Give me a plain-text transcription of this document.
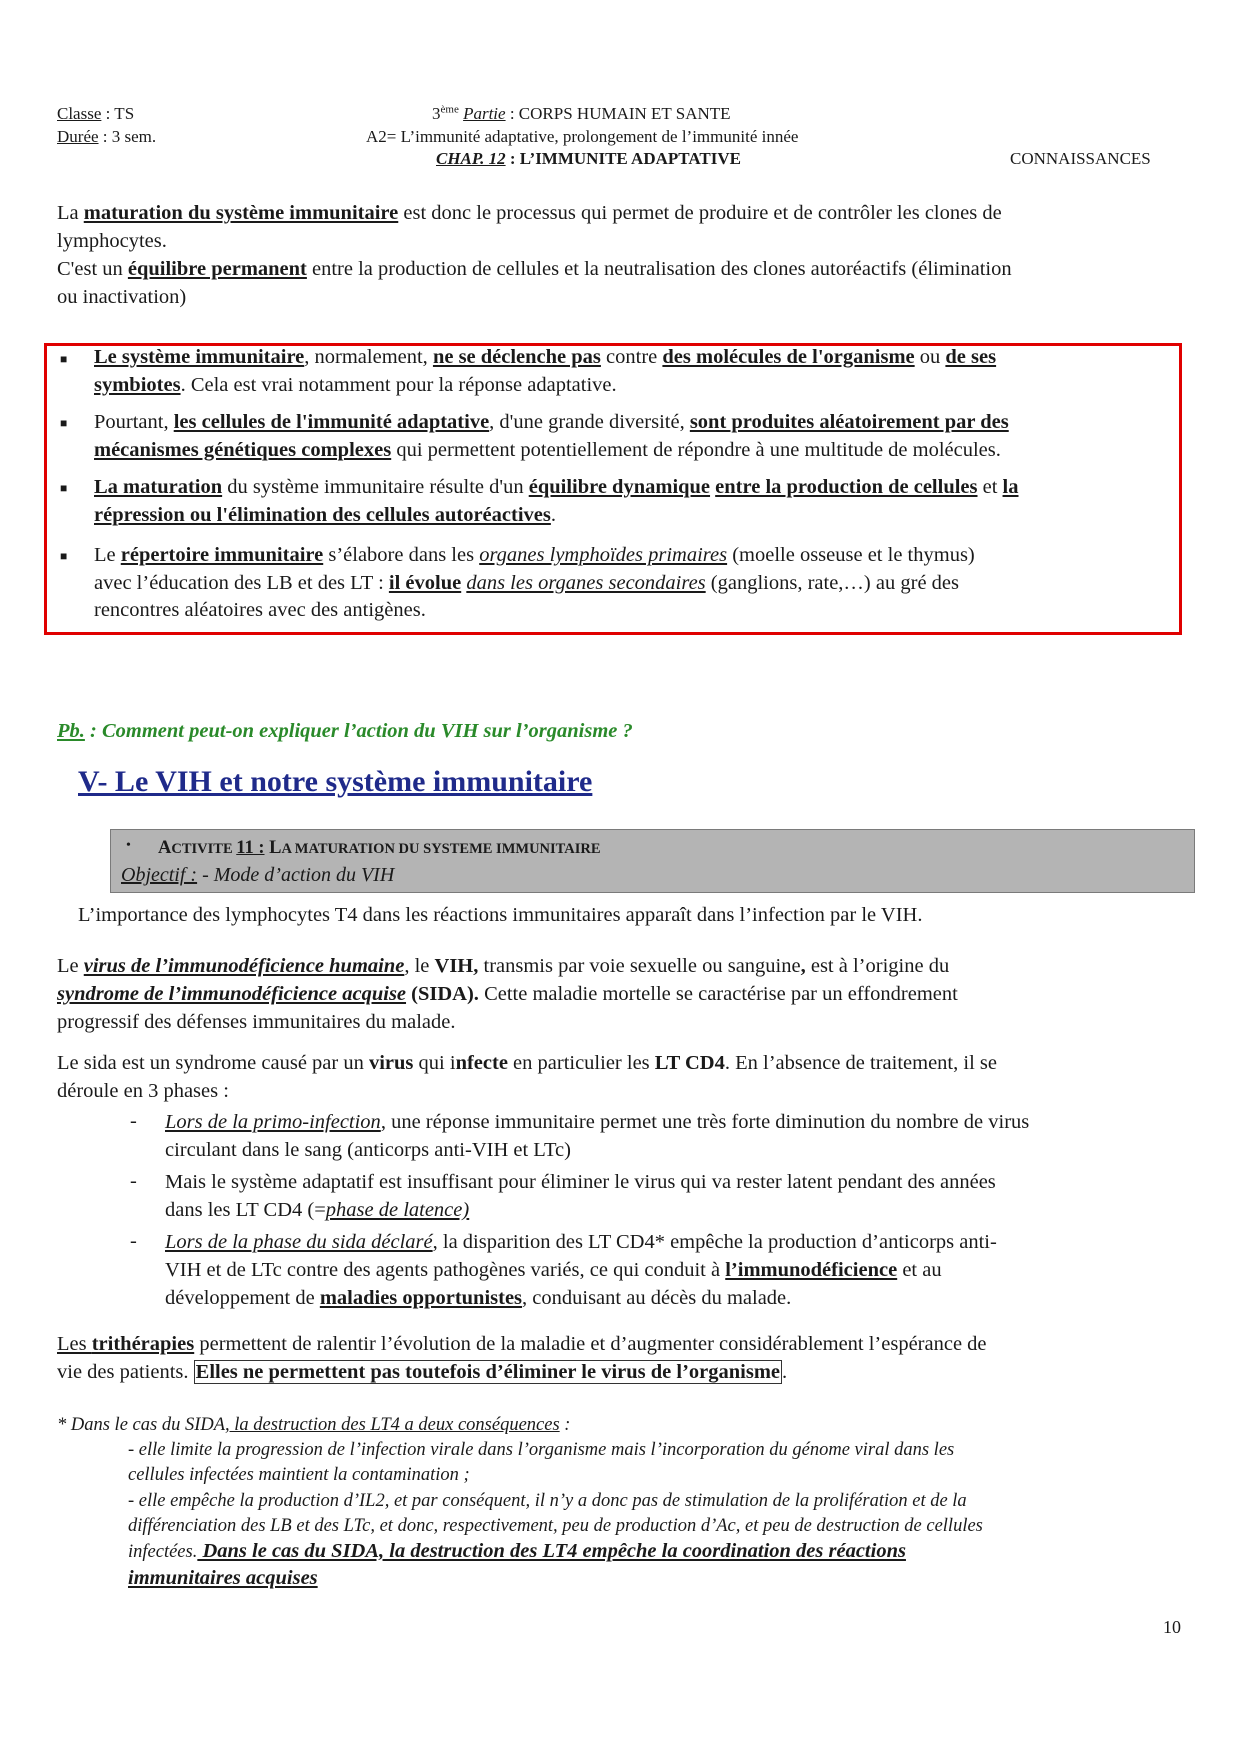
Classe : TS
Durée : 3 sem.
3ème Partie : CORPS HUMAIN ET SANTE
A2= L’immunité adaptative, prolongement de l’immunité innée
CHAP. 12 : L’IMMUNITE ADAPTATIVE	CONNAISSANCES
La maturation du système immunitaire est donc le processus qui permet de produire et de contrôler les clones de
lymphocytes.
C'est un équilibre permanent entre la production de cellules et la neutralisation des clones autoréactifs (élimination
ou inactivation)
■ Le système immunitaire, normalement, ne se déclenche pas contre des molécules de l'organisme ou de ses
symbiotes. Cela est vrai notamment pour la réponse adaptative.
■ Pourtant, les cellules de l'immunité adaptative, d'une grande diversité, sont produites aléatoirement par des
mécanismes génétiques complexes qui permettent potentiellement de répondre à une multitude de molécules.
■ La maturation du système immunitaire résulte d'un équilibre dynamique entre la production de cellules et la
répression ou l'élimination des cellules autoréactives.
■ Le répertoire immunitaire s’élabore dans les organes lymphoïdes primaires (moelle osseuse et le thymus)
avec l’éducation des LB et des LT : il évolue dans les organes secondaires (ganglions, rate,…) au gré des
rencontres aléatoires avec des antigènes.
Pb. : Comment peut-on expliquer l’action du VIH sur l’organisme ?
V- Le VIH et notre système immunitaire
• ACTIVITE 11 : LA MATURATION DU SYSTEME IMMUNITAIRE
Objectif : - Mode d’action du VIH
L’importance des lymphocytes T4 dans les réactions immunitaires apparaît dans l’infection par le VIH.
Le virus de l’immunodéficience humaine, le VIH, transmis par voie sexuelle ou sanguine, est à l’origine du
syndrome de l’immunodéficience acquise (SIDA). Cette maladie mortelle se caractérise par un effondrement
progressif des défenses immunitaires du malade.
Le sida est un syndrome causé par un virus qui infecte en particulier les LT CD4. En l’absence de traitement, il se
déroule en 3 phases :
- Lors de la primo-infection, une réponse immunitaire permet une très forte diminution du nombre de virus
circulant dans le sang (anticorps anti-VIH et LTc)
- Mais le système adaptatif est insuffisant pour éliminer le virus qui va rester latent pendant des années
dans les LT CD4 (=phase de latence)
- Lors de la phase du sida déclaré, la disparition des LT CD4* empêche la production d’anticorps anti-
VIH et de LTc contre des agents pathogènes variés, ce qui conduit à l’immunodéficience et au
développement de maladies opportunistes, conduisant au décès du malade.
Les trithérapies permettent de ralentir l’évolution de la maladie et d’augmenter considérablement l’espérance de
vie des patients. Elles ne permettent pas toutefois d’éliminer le virus de l’organisme.
* Dans le cas du SIDA, la destruction des LT4 a deux conséquences :
- elle limite la progression de l’infection virale dans l’organisme mais l’incorporation du génome viral dans les
cellules infectées maintient la contamination ;
- elle empêche la production d’IL2, et par conséquent, il n’y a donc pas de stimulation de la prolifération et de la
différenciation des LB et des LTc, et donc, respectivement, peu de production d’Ac, et peu de destruction de cellules
infectées. Dans le cas du SIDA, la destruction des LT4 empêche la coordination des réactions
immunitaires acquises
10
